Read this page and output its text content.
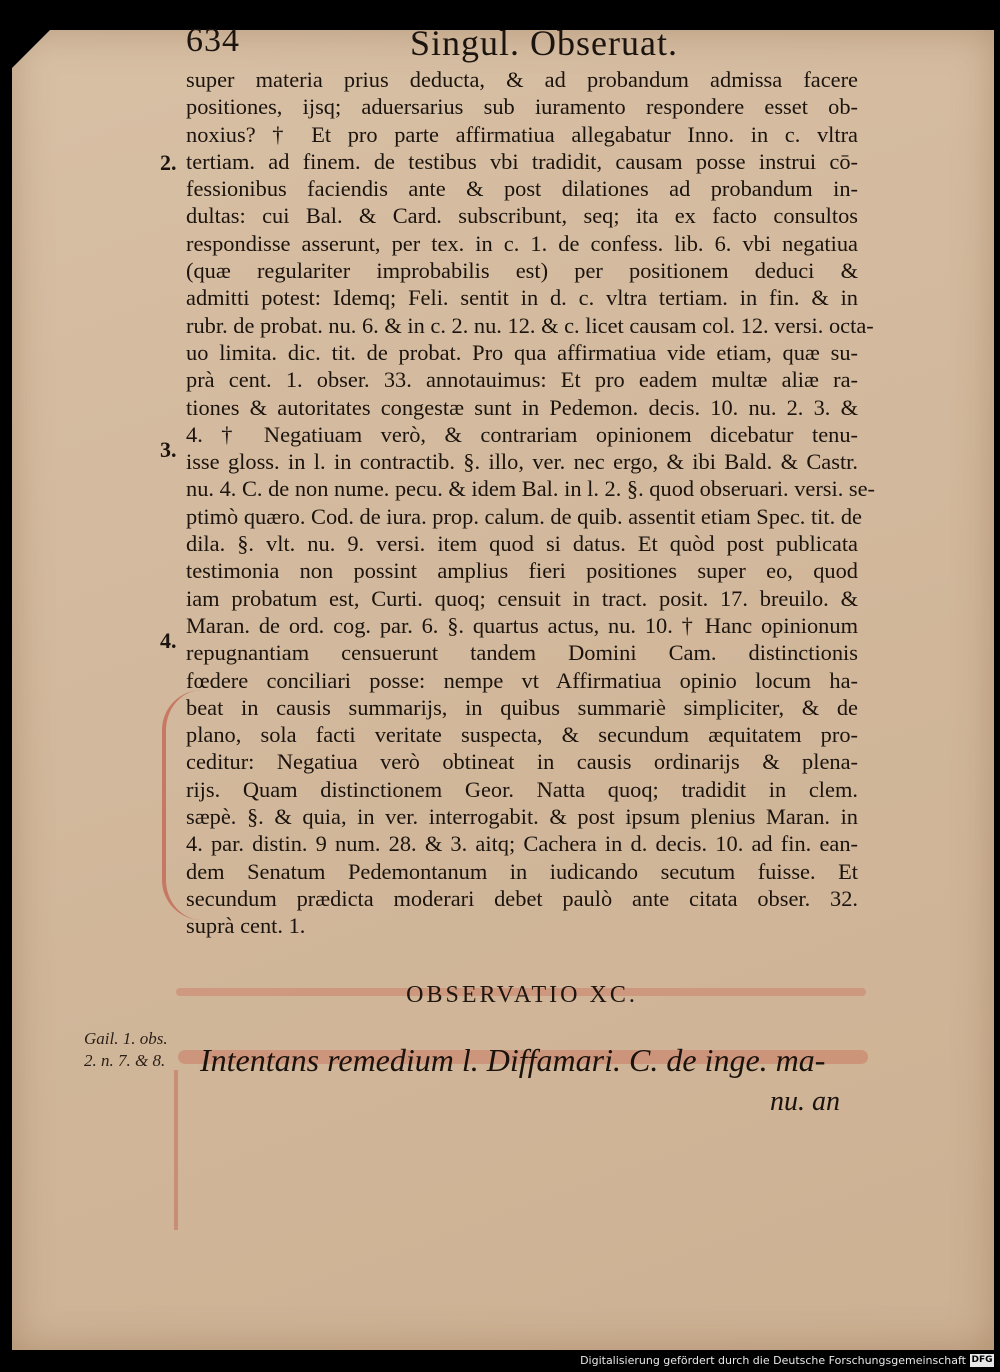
634	Singul. Obseruat.
super materia prius deducta, & ad probandum admissa facere
positiones, ijsq; aduersarius sub iuramento respondere esset ob-
noxius? † Et pro parte affirmatiua allegabatur Inno. in c. vltra
tertiam. ad finem. de testibus vbi tradidit, causam posse instrui cō-
fessionibus faciendis ante & post dilationes ad probandum in-
dultas: cui Bal. & Card. subscribunt, seq; ita ex facto consultos
respondisse asserunt, per tex. in c. 1. de confess. lib. 6. vbi negatiua
(quæ regulariter improbabilis est) per positionem deduci &
admitti potest: Idemq; Feli. sentit in d. c. vltra tertiam. in fin. & in
rubr. de probat. nu. 6. & in c. 2. nu. 12. & c. licet causam col. 12. versi. octa-
uo limita. dic. tit. de probat. Pro qua affirmatiua vide etiam, quæ su-
prà cent. 1. obser. 33. annotauimus: Et pro eadem multæ aliæ ra-
tiones & autoritates congestæ sunt in Pedemon. decis. 10. nu. 2. 3. &
4. † Negatiuam verò, & contrariam opinionem dicebatur tenu-
isse gloss. in l. in contractib. §. illo, ver. nec ergo, & ibi Bald. & Castr.
nu. 4. C. de non nume. pecu. & idem Bal. in l. 2. §. quod obseruari. versi. se-
ptimò quæro. Cod. de iura. prop. calum. de quib. assentit etiam Spec. tit. de
dila. §. vlt. nu. 9. versi. item quod si datus. Et quòd post publicata
testimonia non possint amplius fieri positiones super eo, quod
iam probatum est, Curti. quoq; censuit in tract. posit. 17. breuilo. &
Maran. de ord. cog. par. 6. §. quartus actus, nu. 10. † Hanc opinionum
repugnantiam censuerunt tandem Domini Cam. distinctionis
fœdere conciliari posse: nempe vt Affirmatiua opinio locum ha-
beat in causis summarijs, in quibus summariè simpliciter, & de
plano, sola facti veritate suspecta, & secundum æquitatem pro-
ceditur: Negatiua verò obtineat in causis ordinarijs & plena-
rijs. Quam distinctionem Geor. Natta quoq; tradidit in clem.
sæpè. §. & quia, in ver. interrogabit. & post ipsum plenius Maran. in
4. par. distin. 9 num. 28. & 3. aitq; Cachera in d. decis. 10. ad fin. ean-
dem Senatum Pedemontanum in iudicando secutum fuisse. Et
secundum prædicta moderari debet paulò ante citata obser. 32.
suprà cent. 1.
2.
3.
4.
OBSERVATIO XC.
Gail. 1. obs.
2. n. 7. & 8.	Intentans remedium l. Diffamari. C. de inge. ma-
nu. an
Digitalisierung gefördert durch die Deutsche Forschungsgemeinschaft DFG
